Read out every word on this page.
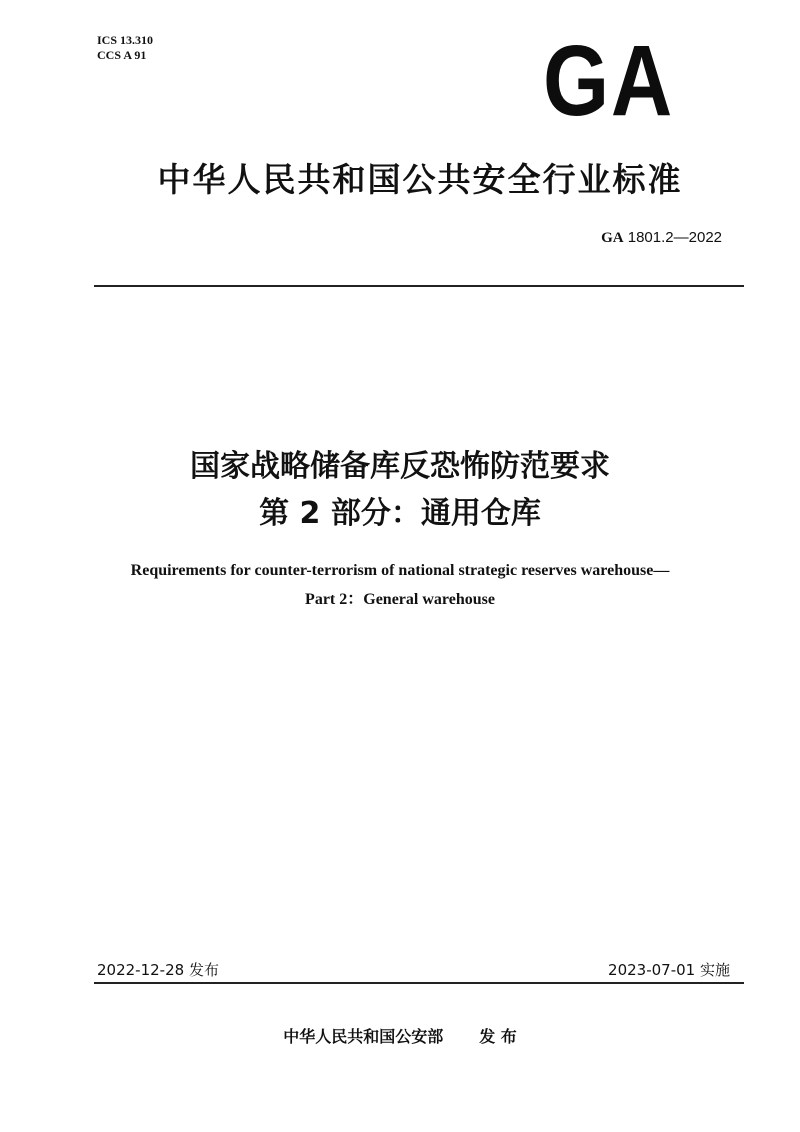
ICS 13.310
CCS A 91	GA
中华人民共和国公共安全行业标准
GA 1801.2—2022
国家战略储备库反恐怖防范要求
第 2 部分：通用仓库
Requirements for counter-terrorism of national strategic reserves warehouse—
Part 2：General warehouse
2022-12-28 发布	2023-07-01 实施
中华人民共和国公安部 发 布
